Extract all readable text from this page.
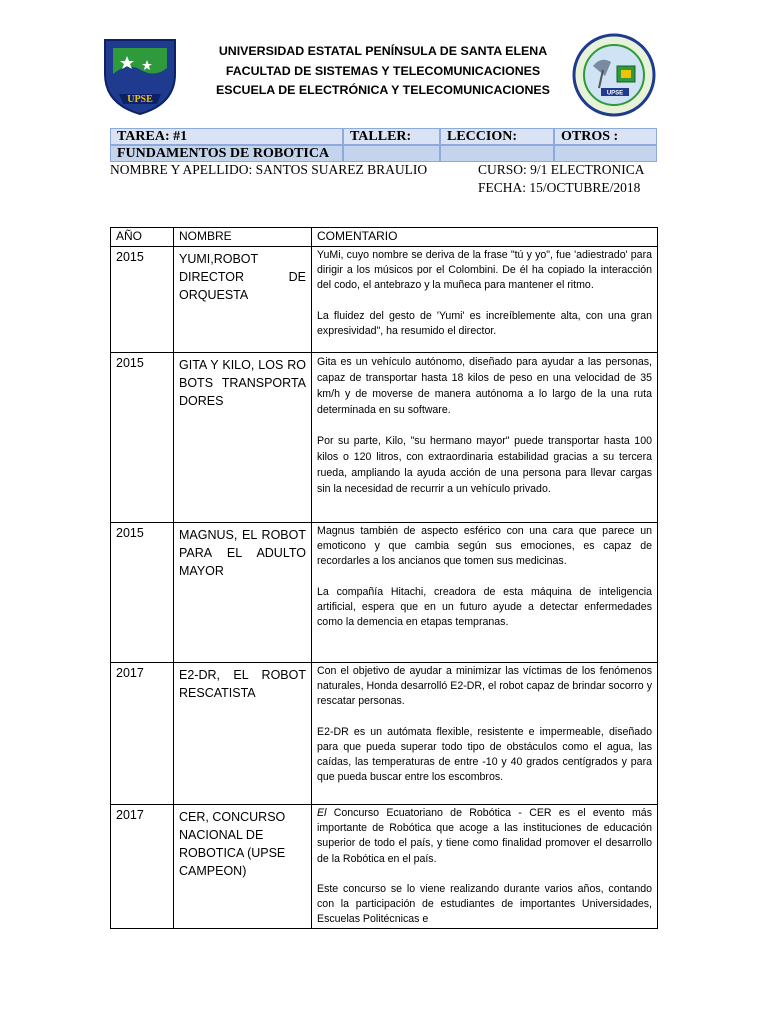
UPSE
UNIVERSIDAD ESTATAL PENÍNSULA DE SANTA ELENA
FACULTAD DE SISTEMAS Y TELECOMUNICACIONES
ESCUELA DE ELECTRÓNICA Y TELECOMUNICACIONES	UPSE
TAREA: #1	TALLER:	LECCION:	OTROS :
FUNDAMENTOS DE ROBOTICA
NOMBRE Y APELLIDO: SANTOS SUAREZ BRAULIO	CURSO: 9/1 ELECTRONICA
FECHA: 15/OCTUBRE/2018
AÑO	NOMBRE	COMENTARIO
2015	YUMI,ROBOT DIRECTOR DE ORQUESTA	YuMi, cuyo nombre se deriva de la frase "tú y yo", fue 'adiestrado' para dirigir a los músicos por el Colombini. De él ha copiado la interacción del codo, el antebrazo y la muñeca para mantener el ritmo.

La fluidez del gesto de 'Yumi' es increíblemente alta, con una gran expresividad", ha resumido el director.

2015	GITA Y KILO, LOS ROBOTS TRANSPORTADORES	Gita es un vehículo autónomo, diseñado para ayudar a las personas, capaz de transportar hasta 18 kilos de peso en una velocidad de 35 km/h y de moverse de manera autónoma a lo largo de la una ruta determinada en su software.

Por su parte, Kilo, "su hermano mayor" puede transportar hasta 100 kilos o 120 litros, con extraordinaria estabilidad gracias a su tercera rueda, ampliando la ayuda acción de una persona para llevar cargas sin la necesidad de recurrir a un vehículo privado.

2015	MAGNUS, EL ROBOT PARA EL ADULTO MAYOR	Magnus también de aspecto esférico con una cara que parece un emoticono y que cambia según sus emociones, es capaz de recordarles a los ancianos que tomen sus medicinas.

La compañía Hitachi, creadora de esta máquina de inteligencia artificial, espera que en un futuro ayude a detectar enfermedades como la demencia en etapas tempranas.

2017	E2-DR, EL ROBOT RESCATISTA	Con el objetivo de ayudar a minimizar las víctimas de los fenómenos naturales, Honda desarrolló E2-DR, el robot capaz de brindar socorro y rescatar personas.

E2-DR es un autómata flexible, resistente e impermeable, diseñado para que pueda superar todo tipo de obstáculos como el agua, las caídas, las temperaturas de entre -10 y 40 grados centígrados y para que pueda buscar entre los escombros.

2017	CER, CONCURSO NACIONAL DE ROBOTICA (UPSE CAMPEON)	El Concurso Ecuatoriano de Robótica - CER es el evento más importante de Robótica que acoge a las instituciones de educación superior de todo el país, y tiene como finalidad promover el desarrollo de la Robótica en el país.

Este concurso se lo viene realizando durante varios años, contando con la participación de estudiantes de importantes Universidades, Escuelas Politécnicas e
